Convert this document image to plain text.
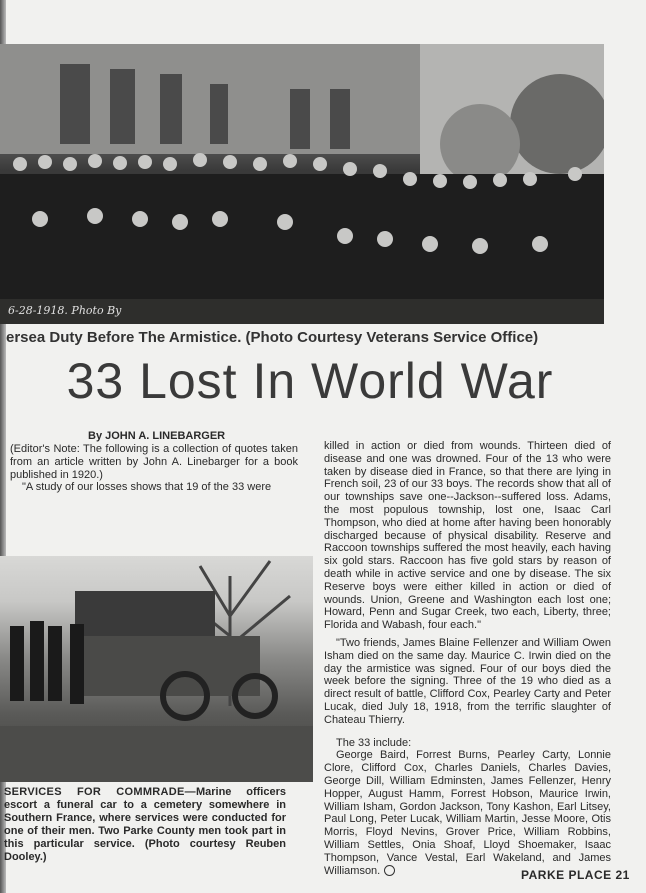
6-28-1918. Photo By
ersea Duty Before The Armistice. (Photo Courtesy Veterans Service Office)
33 Lost In World War
By JOHN A. LINEBARGER

(Editor's Note: The following is a collection of quotes taken from an article written by John A. Linebarger for a book published in 1920.)

"A study of our losses shows that 19 of the 33 were

SERVICES FOR COMMRADE—Marine officers escort a funeral car to a cemetery somewhere in Southern France, where services were conducted for one of their men. Two Parke County men took part in this particular service. (Photo courtesy Reuben Dooley.)

killed in action or died from wounds. Thirteen died of disease and one was drowned. Four of the 13 who were taken by disease died in France, so that there are lying in French soil, 23 of our 33 boys. The records show that all of our townships save one--Jackson--suffered loss. Adams, the most populous township, lost one, Isaac Carl Thompson, who died at home after having been honorably discharged because of physical disability. Reserve and Raccoon townships suffered the most heavily, each having six gold stars. Raccoon has five gold stars by reason of death while in active service and one by disease. The six Reserve boys were either killed in action or died of wounds. Union, Greene and Washington each lost one; Howard, Penn and Sugar Creek, two each, Liberty, three; Florida and Wabash, four each."

"Two friends, James Blaine Fellenzer and William Owen Isham died on the same day. Maurice C. Irwin died on the day the armistice was signed. Four of our boys died the week before the signing. Three of the 19 who died as a direct result of battle, Clifford Cox, Pearley Carty and Peter Lucak, died July 18, 1918, from the terrific slaughter of Chateau Thierry.

The 33 include:

George Baird, Forrest Burns, Pearley Carty, Lonnie Clore, Clifford Cox, Charles Daniels, Charles Davies, George Dill, William Edminsten, James Fellenzer, Henry Hopper, August Hamm, Forrest Hobson, Maurice Irwin, William Isham, Gordon Jackson, Tony Kashon, Earl Litsey, Paul Long, Peter Lucak, William Martin, Jesse Moore, Otis Morris, Floyd Nevins, Grover Price, William Robbins, William Settles, Onia Shoaf, Lloyd Shoemaker, Isaac Thompson, Vance Vestal, Earl Wakeland, and James Williamson.	PARKE PLACE 21
